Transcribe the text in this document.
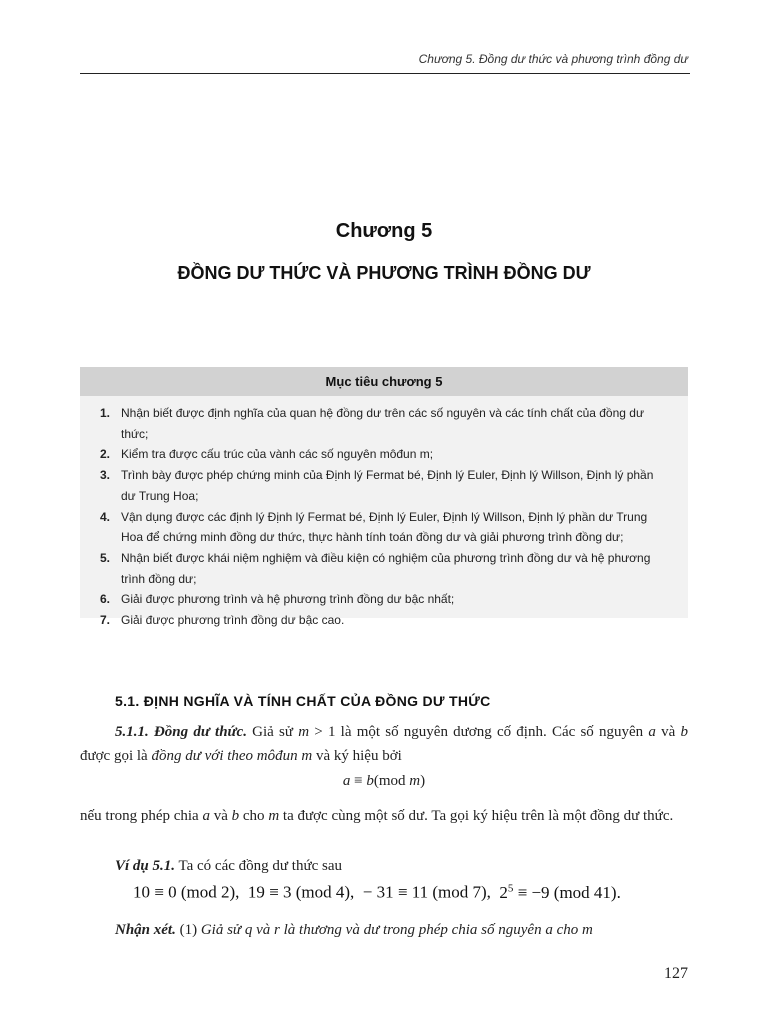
Chương 5. Đồng dư thức và phương trình đồng dư
Chương 5
ĐỒNG DƯ THỨC VÀ PHƯƠNG TRÌNH ĐỒNG DƯ
Mục tiêu chương 5
1. Nhận biết được định nghĩa của quan hệ đồng dư trên các số nguyên và các tính chất của đồng dư thức;
2. Kiểm tra được cấu trúc của vành các số nguyên môđun m;
3. Trình bày được phép chứng minh của Định lý Fermat bé, Định lý Euler, Định lý Willson, Định lý phần dư Trung Hoa;
4. Vận dụng được các định lý Định lý Fermat bé, Định lý Euler, Định lý Willson, Định lý phần dư Trung Hoa để chứng minh đồng dư thức, thực hành tính toán đồng dư và giải phương trình đồng dư;
5. Nhận biết được khái niệm nghiệm và điều kiện có nghiệm của phương trình đồng dư và hệ phương trình đồng dư;
6. Giải được phương trình và hệ phương trình đồng dư bậc nhất;
7. Giải được phương trình đồng dư bậc cao.
5.1. ĐỊNH NGHĨA VÀ TÍNH CHẤT CỦA ĐỒNG DƯ THỨC
5.1.1. Đồng dư thức. Giả sử m > 1 là một số nguyên dương cố định. Các số nguyên a và b được gọi là đồng dư với theo môđun m và ký hiệu bởi
a ≡ b(mod m)
nếu trong phép chia a và b cho m ta được cùng một số dư. Ta gọi ký hiệu trên là một đồng dư thức.
Ví dụ 5.1. Ta có các đồng dư thức sau
10 ≡ 0 (mod 2), 19 ≡ 3 (mod 4), − 31 ≡ 11 (mod 7), $2^5 \equiv -9$ (mod 41).
Nhận xét. (1) Giả sử q và r là thương và dư trong phép chia số nguyên a cho m
127
